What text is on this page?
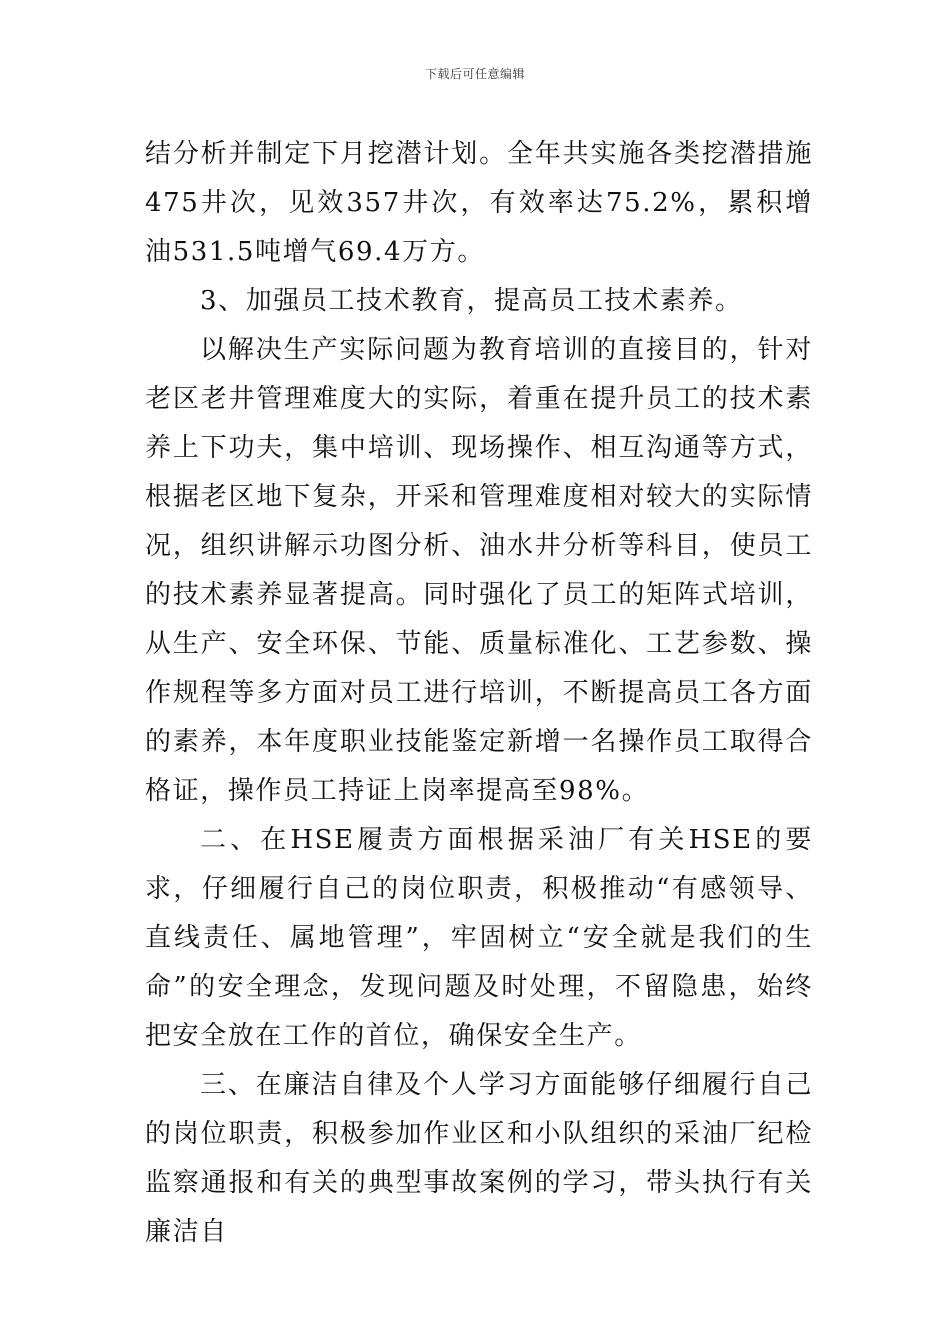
下载后可任意编辑

结分析并制定下月挖潜计划。全年共实施各类挖潜措施475井次，见效357井次，有效率达75.2%，累积增油531.5吨增气69.4万方。

3、加强员工技术教育，提高员工技术素养。

以解决生产实际问题为教育培训的直接目的，针对老区老井管理难度大的实际，着重在提升员工的技术素养上下功夫，集中培训、现场操作、相互沟通等方式，根据老区地下复杂，开采和管理难度相对较大的实际情况，组织讲解示功图分析、油水井分析等科目，使员工的技术素养显著提高。同时强化了员工的矩阵式培训，从生产、安全环保、节能、质量标准化、工艺参数、操作规程等多方面对员工进行培训，不断提高员工各方面的素养，本年度职业技能鉴定新增一名操作员工取得合格证，操作员工持证上岗率提高至98%。

二、在HSE履责方面根据采油厂有关HSE的要求，仔细履行自己的岗位职责，积极推动“有感领导、直线责任、属地管理”，牢固树立“安全就是我们的生命”的安全理念，发现问题及时处理，不留隐患，始终把安全放在工作的首位，确保安全生产。

三、在廉洁自律及个人学习方面能够仔细履行自己的岗位职责，积极参加作业区和小队组织的采油厂纪检监察通报和有关的典型事故案例的学习，带头执行有关廉洁自
